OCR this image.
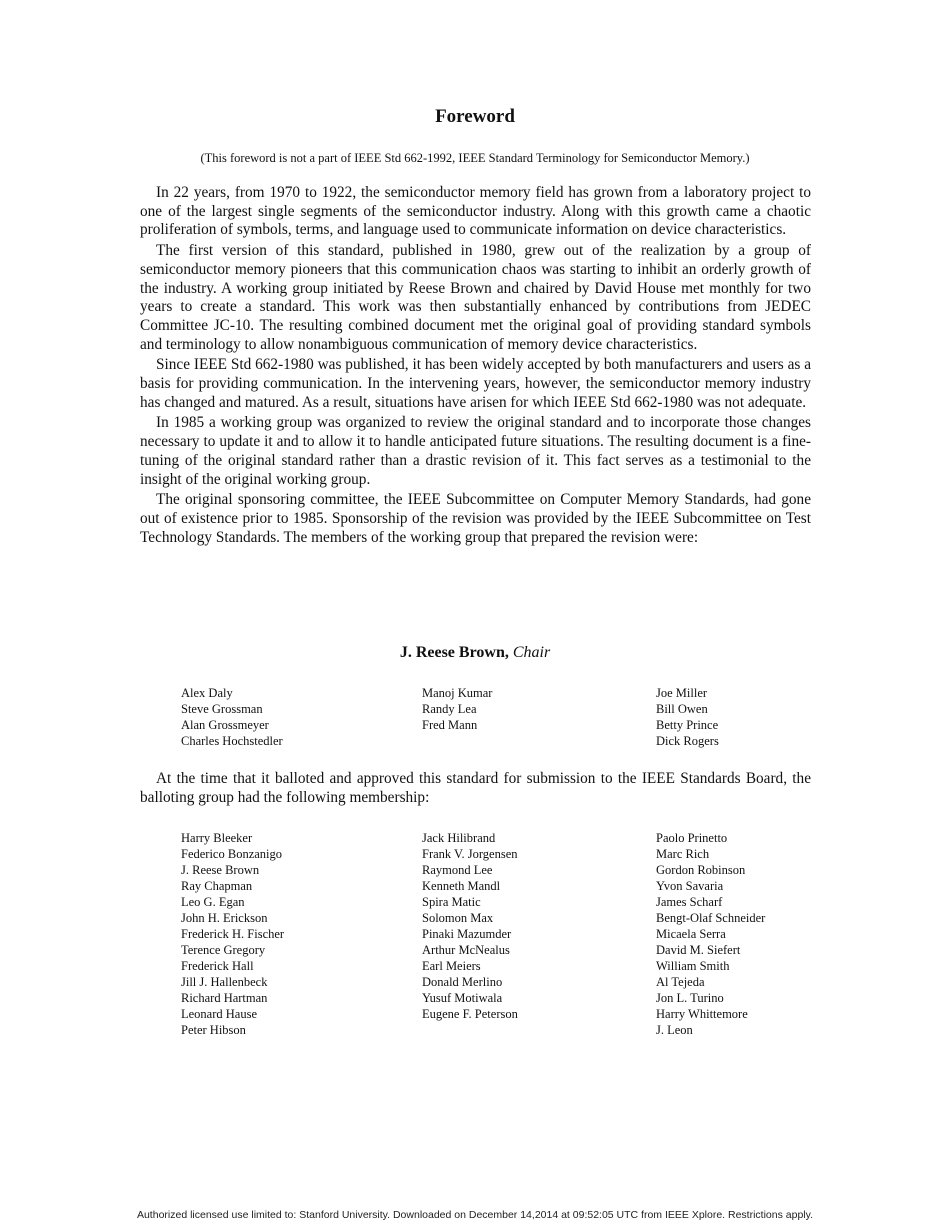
Foreword
(This foreword is not a part of IEEE Std 662-1992, IEEE Standard Terminology for Semiconductor Memory.)

In 22 years, from 1970 to 1922, the semiconductor memory field has grown from a laboratory project to one of the largest single segments of the semiconductor industry. Along with this growth came a chaotic proliferation of symbols, terms, and language used to communicate information on device characteristics.

The first version of this standard, published in 1980, grew out of the realization by a group of semiconductor memory pioneers that this communication chaos was starting to inhibit an orderly growth of the industry. A working group initiated by Reese Brown and chaired by David House met monthly for two years to create a standard. This work was then substantially enhanced by contributions from JEDEC Committee JC-10. The resulting combined document met the original goal of providing standard symbols and terminology to allow nonambiguous communication of memory device characteristics.

Since IEEE Std 662-1980 was published, it has been widely accepted by both manufacturers and users as a basis for providing communication. In the intervening years, however, the semiconductor memory industry has changed and matured. As a result, situations have arisen for which IEEE Std 662-1980 was not adequate.

In 1985 a working group was organized to review the original standard and to incorporate those changes necessary to update it and to allow it to handle anticipated future situations. The resulting document is a fine-tuning of the original standard rather than a drastic revision of it. This fact serves as a testimonial to the insight of the original working group.

The original sponsoring committee, the IEEE Subcommittee on Computer Memory Standards, had gone out of existence prior to 1985. Sponsorship of the revision was provided by the IEEE Subcommittee on Test Technology Standards. The members of the working group that prepared the revision were:

J. Reese Brown, Chair
Alex Daly
Steve Grossman
Alan Grossmeyer
Charles Hochstedler
Manoj Kumar
Randy Lea
Fred Mann
Joe Miller
Bill Owen
Betty Prince
Dick Rogers

At the time that it balloted and approved this standard for submission to the IEEE Standards Board, the balloting group had the following membership:

Harry Bleeker
Federico Bonzanigo
J. Reese Brown
Ray Chapman
Leo G. Egan
John H. Erickson
Frederick H. Fischer
Terence Gregory
Frederick Hall
Jill J. Hallenbeck
Richard Hartman
Leonard Hause
Peter Hibson
Jack Hilibrand
Frank V. Jorgensen
Raymond Lee
Kenneth Mandl
Spira Matic
Solomon Max
Pinaki Mazumder
Arthur McNealus
Earl Meiers
Donald Merlino
Yusuf Motiwala
Eugene F. Peterson
Paolo Prinetto
Marc Rich
Gordon Robinson
Yvon Savaria
James Scharf
Bengt-Olaf Schneider
Micaela Serra
David M. Siefert
William Smith
Al Tejeda
Jon L. Turino
Harry Whittemore
J. Leon
Authorized licensed use limited to: Stanford University. Downloaded on December 14,2014 at 09:52:05 UTC from IEEE Xplore. Restrictions apply.
